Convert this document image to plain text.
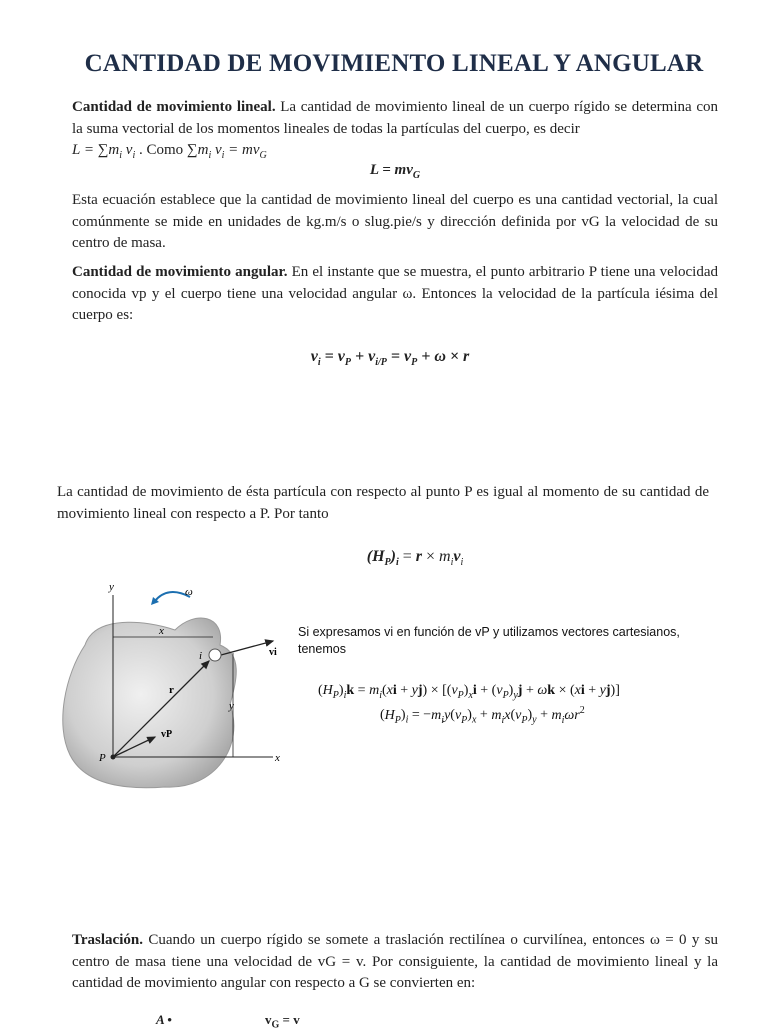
CANTIDAD DE MOVIMIENTO LINEAL Y ANGULAR
Cantidad de movimiento lineal. La cantidad de movimiento lineal de un cuerpo rígido se determina con la suma vectorial de los momentos lineales de todas la partículas del cuerpo, es decir
$L = \sum m_i$ $v_i$ . Como $\sum m_i$ $v_i = mv_G$
$L = mv_G$
Esta ecuación establece que la cantidad de movimiento lineal del cuerpo es una cantidad vectorial, la cual comúnmente se mide en unidades de kg.m/s o slug.pie/s y dirección definida por vG la velocidad de su centro de masa.
Cantidad de movimiento angular. En el instante que se muestra, el punto arbitrario P tiene una velocidad conocida vp y el cuerpo tiene una velocidad angular ω. Entonces la velocidad de la partícula iésima del cuerpo es:
$v_i = v_P + v_{i/P} = v_P + \omega \times r$
La cantidad de movimiento de ésta partícula con respecto al punto P es igual al momento de su cantidad de movimiento lineal con respecto a P. Por tanto
$(H_P)_i = r \times m_iv_i$
y
x
ω
x
y
i	vi
r
vP
P
Si expresamos vi en función de vP y utilizamos vectores cartesianos, tenemos
$(H_P)_ik = m_i(xi + yj) \times [(v_P)_xi + (v_P)_yj + \omega k \times (xi + yj)]$
$(H_P)_i = -m_iy(v_P)_x + m_ix(v_P)_y + m_i\omega r^2$
Traslación. Cuando un cuerpo rígido se somete a traslación rectilínea o curvilínea, entonces ω = 0 y su centro de masa tiene una velocidad de vG = v. Por consiguiente, la cantidad de movimiento lineal y la cantidad de movimiento angular con respecto a G se convierten en:
A •	$v_G = v$
